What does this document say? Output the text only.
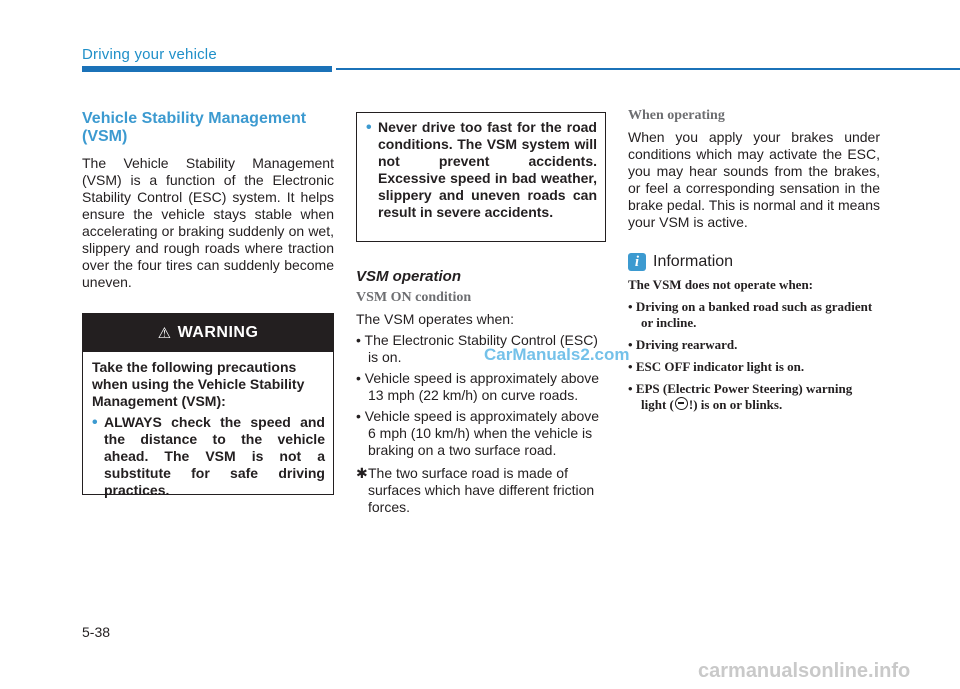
Driving your vehicle
Vehicle Stability Management (VSM)

The Vehicle Stability Management (VSM) is a function of the Electronic Stability Control (ESC) system. It helps ensure the vehicle stays stable when accelerating or braking suddenly on wet, slippery and rough roads where traction over the four tires can suddenly become uneven.

⚠ WARNING

Take the following precautions when using the Vehicle Stability Management (VSM):

• ALWAYS check the speed and the distance to the vehicle ahead. The VSM is not a substitute for safe driving practices.
• Never drive too fast for the road conditions. The VSM system will not prevent accidents. Excessive speed in bad weather, slippery and uneven roads can result in severe accidents.
VSM operation
VSM ON condition

The VSM operates when:

• The Electronic Stability Control (ESC) is on.
• Vehicle speed is approximately above 13 mph (22 km/h) on curve roads.
• Vehicle speed is approximately above 6 mph (10 km/h) when the vehicle is braking on a two surface road.
✱ The two surface road is made of surfaces which have different friction forces.
When operating

When you apply your brakes under conditions which may activate the ESC, you may hear sounds from the brakes, or feel a corresponding sensation in the brake pedal. This is normal and it means your VSM is active.

i Information

The VSM does not operate when:

• Driving on a banked road such as gradient or incline.
• Driving rearward.
• ESC OFF indicator light is on.
• EPS (Electric Power Steering) warning light ( !) is on or blinks.
CarManuals2.com
5-38
carmanualsonline.info
